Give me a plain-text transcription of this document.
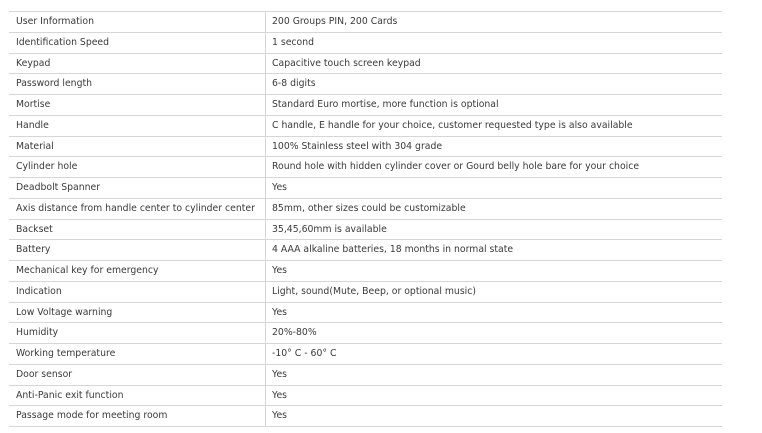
User Information	200 Groups PIN, 200 Cards
Identification Speed	1 second
Keypad	Capacitive touch screen keypad
Password length	6-8 digits
Mortise	Standard Euro mortise, more function is optional
Handle	C handle, E handle for your choice, customer requested type is also available
Material	100% Stainless steel with 304 grade
Cylinder hole	Round hole with hidden cylinder cover or Gourd belly hole bare for your choice
Deadbolt Spanner	Yes
Axis distance from handle center to cylinder center	85mm, other sizes could be customizable
Backset	35,45,60mm is available
Battery	4 AAA alkaline batteries, 18 months in normal state
Mechanical key for emergency	Yes
Indication	Light, sound(Mute, Beep, or optional music)
Low Voltage warning	Yes
Humidity	20%-80%
Working temperature	-10° C - 60° C
Door sensor	Yes
Anti-Panic exit function	Yes
Passage mode for meeting room	Yes
